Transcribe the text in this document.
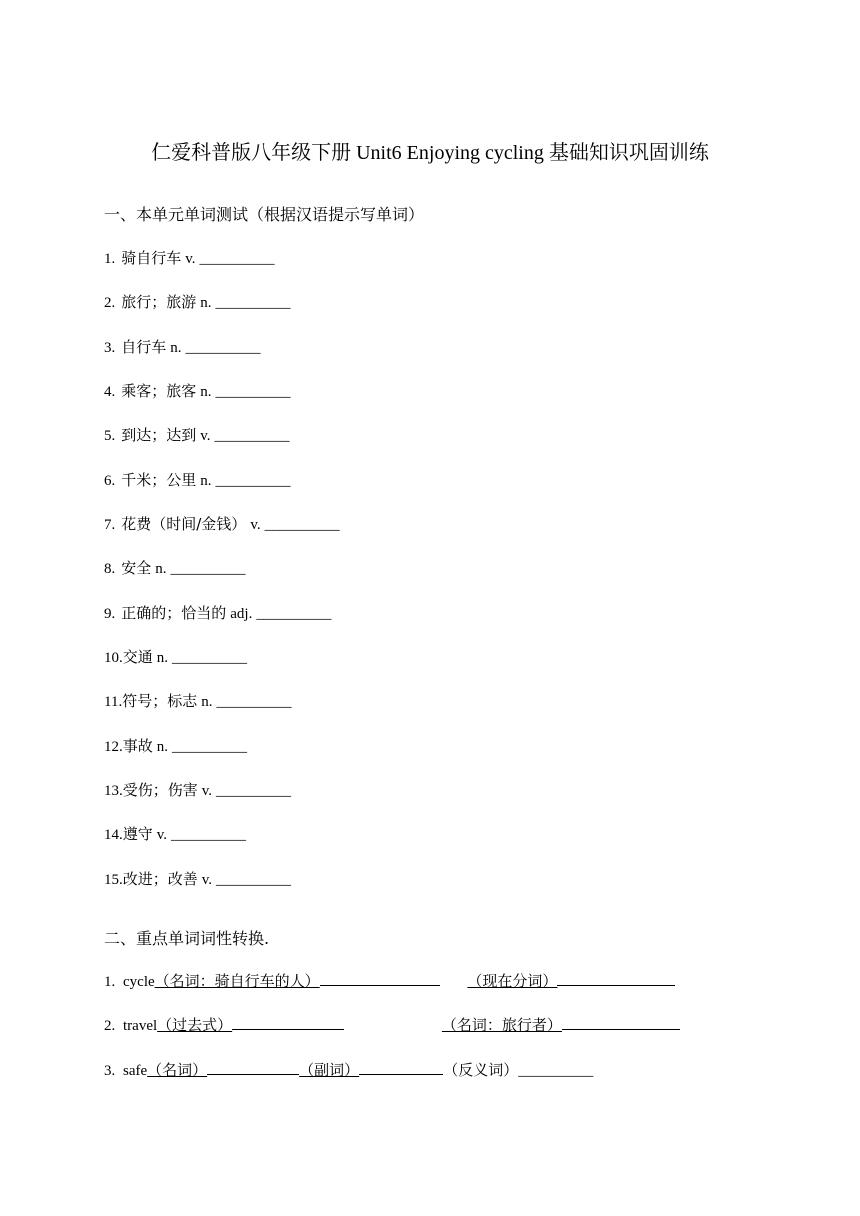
仁爱科普版八年级下册 Unit6 Enjoying cycling 基础知识巩固训练
一、本单元单词测试（根据汉语提示写单词）
1. 骑自行车 v. __________
2. 旅行；旅游 n. __________
3. 自行车 n. __________
4. 乘客；旅客 n. __________
5. 到达；达到 v. __________
6. 千米；公里 n. __________
7. 花费（时间/金钱） v. __________
8. 安全 n. __________
9. 正确的；恰当的 adj. __________
10.交通 n. __________
11.符号；标志 n. __________
12.事故 n. __________
13.受伤；伤害 v. __________
14.遵守 v. __________
15.改进；改善 v. __________
二、重点单词词性转换.
1. cycle（名词：骑自行车的人）	（现在分词）
2. travel（过去式）	（名词：旅行者）
3. safe（名词）	（副词）	（反义词）__________
